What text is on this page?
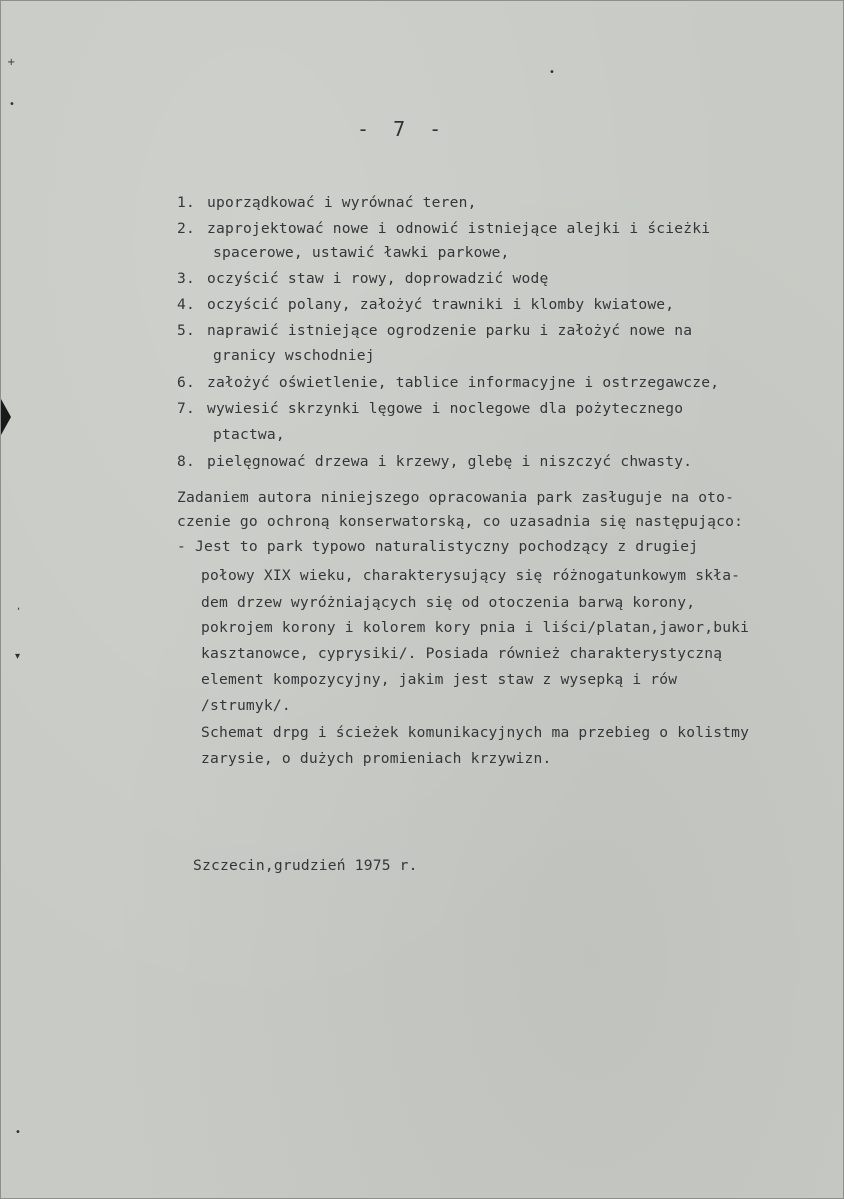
+
•
,
▾
•
•
- 7 -
1. uporządkować i wyrównać teren,
2. zaprojektować nowe i odnowić istniejące alejki i ścieżki
spacerowe, ustawić ławki parkowe,
3. oczyścić staw i rowy, doprowadzić wodę
4. oczyścić polany, założyć trawniki i klomby kwiatowe,
5. naprawić istniejące ogrodzenie parku i założyć nowe na
granicy wschodniej
6. założyć oświetlenie, tablice informacyjne i ostrzegawcze,
7. wywiesić skrzynki lęgowe i noclegowe dla pożytecznego
ptactwa,
8. pielęgnować drzewa i krzewy, glebę i niszczyć chwasty.
Zadaniem autora niniejszego opracowania park zasługuje na oto-
czenie go ochroną konserwatorską, co uzasadnia się następująco:
- Jest to park typowo naturalistyczny pochodzący z drugiej
połowy XIX wieku, charakterysujący się różnogatunkowym skła-
dem drzew wyróżniających się od otoczenia barwą korony,
pokrojem korony i kolorem kory pnia i liści/platan,jawor,buki
kasztanowce, cyprysiki/. Posiada również charakterystyczną
element kompozycyjny, jakim jest staw z wysepką i rów
/strumyk/.
Schemat drpg i ścieżek komunikacyjnych ma przebieg o kolistmy
zarysie, o dużych promieniach krzywizn.
Szczecin,grudzień 1975 r.
